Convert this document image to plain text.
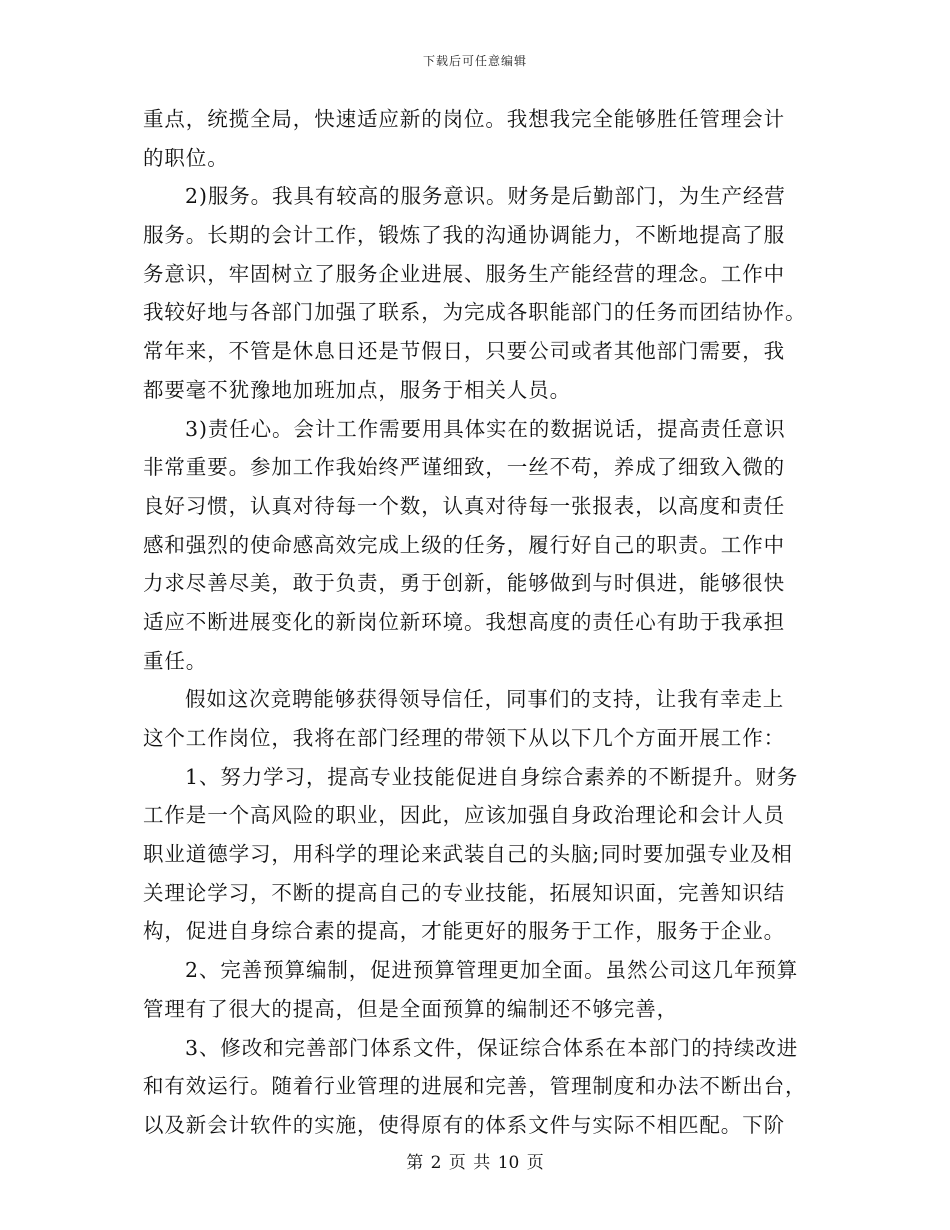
下载后可任意编辑
重点，统揽全局，快速适应新的岗位。我想我完全能够胜任管理会计
的职位。
2)服务。我具有较高的服务意识。财务是后勤部门，为生产经营
服务。长期的会计工作，锻炼了我的沟通协调能力，不断地提高了服
务意识，牢固树立了服务企业进展、服务生产能经营的理念。工作中
我较好地与各部门加强了联系，为完成各职能部门的任务而团结协作。
常年来，不管是休息日还是节假日，只要公司或者其他部门需要，我
都要毫不犹豫地加班加点，服务于相关人员。
3)责任心。会计工作需要用具体实在的数据说话，提高责任意识
非常重要。参加工作我始终严谨细致，一丝不苟，养成了细致入微的
良好习惯，认真对待每一个数，认真对待每一张报表，以高度和责任
感和强烈的使命感高效完成上级的任务，履行好自己的职责。工作中
力求尽善尽美，敢于负责，勇于创新，能够做到与时俱进，能够很快
适应不断进展变化的新岗位新环境。我想高度的责任心有助于我承担
重任。
假如这次竞聘能够获得领导信任，同事们的支持，让我有幸走上
这个工作岗位，我将在部门经理的带领下从以下几个方面开展工作：
1、努力学习，提高专业技能促进自身综合素养的不断提升。财务
工作是一个高风险的职业，因此，应该加强自身政治理论和会计人员
职业道德学习，用科学的理论来武装自己的头脑;同时要加强专业及相
关理论学习，不断的提高自己的专业技能，拓展知识面，完善知识结
构，促进自身综合素的提高，才能更好的服务于工作，服务于企业。
2、完善预算编制，促进预算管理更加全面。虽然公司这几年预算
管理有了很大的提高，但是全面预算的编制还不够完善，
3、修改和完善部门体系文件，保证综合体系在本部门的持续改进
和有效运行。随着行业管理的进展和完善，管理制度和办法不断出台，
以及新会计软件的实施，使得原有的体系文件与实际不相匹配。下阶
第 2 页 共 10 页
